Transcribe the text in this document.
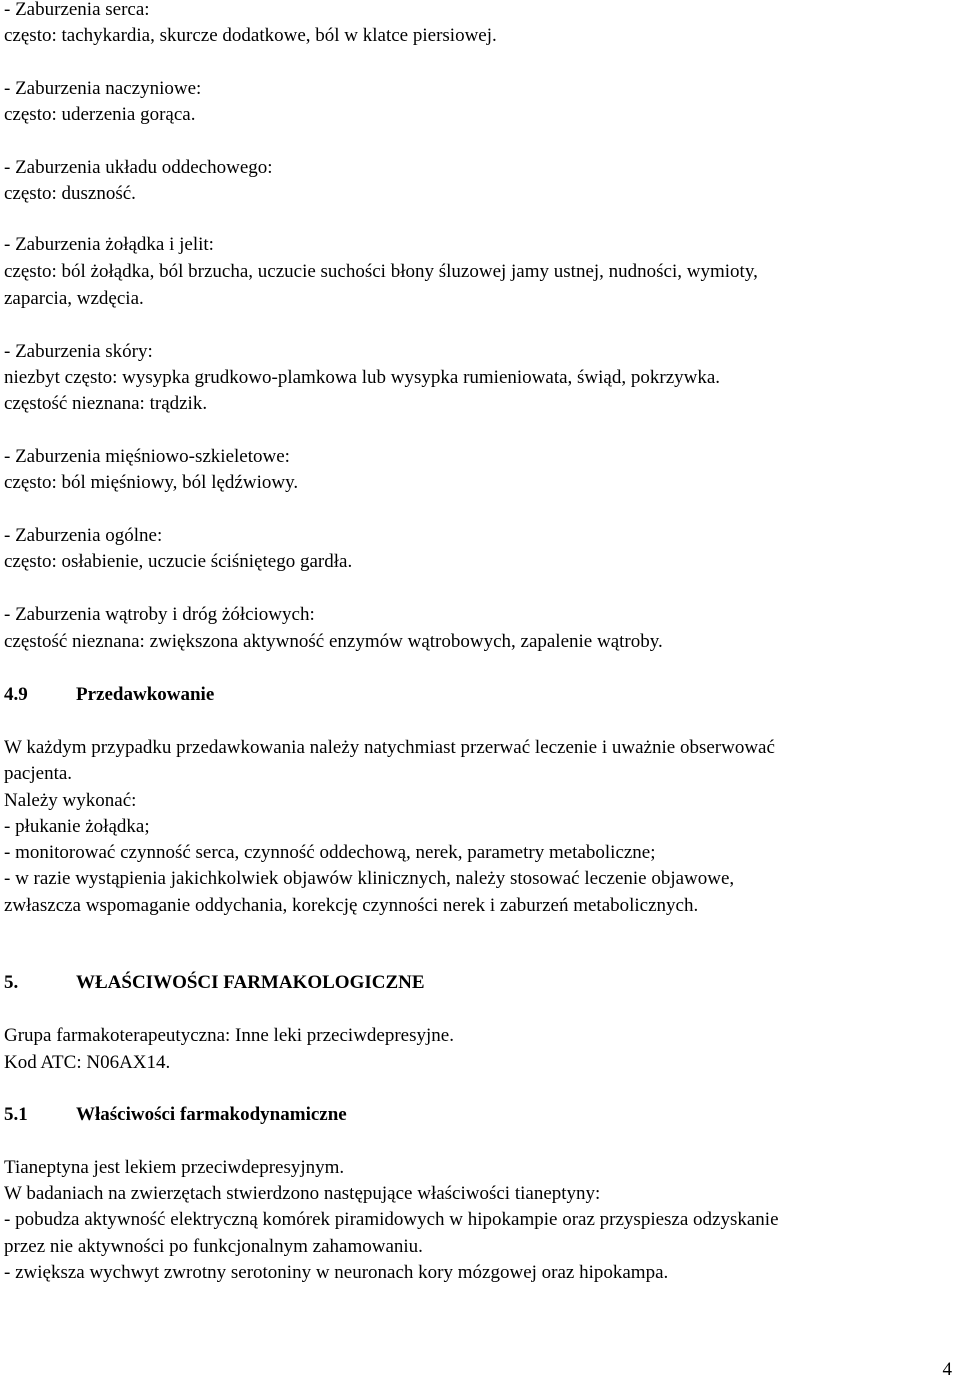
- Zaburzenia serca:
często: tachykardia, skurcze dodatkowe, ból w klatce piersiowej.
- Zaburzenia naczyniowe:
często: uderzenia gorąca.
- Zaburzenia układu oddechowego:
często: duszność.
- Zaburzenia żołądka i jelit:
często: ból żołądka, ból brzucha, uczucie suchości błony śluzowej jamy ustnej, nudności, wymioty,
zaparcia, wzdęcia.
- Zaburzenia skóry:
niezbyt często: wysypka grudkowo-plamkowa lub wysypka rumieniowata, świąd, pokrzywka.
częstość nieznana: trądzik.
- Zaburzenia mięśniowo-szkieletowe:
często: ból mięśniowy, ból lędźwiowy.
- Zaburzenia ogólne:
często: osłabienie, uczucie ściśniętego gardła.
- Zaburzenia wątroby i dróg żółciowych:
częstość nieznana: zwiększona aktywność enzymów wątrobowych, zapalenie wątroby.
4.9	Przedawkowanie
W każdym przypadku przedawkowania należy natychmiast przerwać leczenie i uważnie obserwować
pacjenta.
Należy wykonać:
- płukanie żołądka;
- monitorować czynność serca, czynność oddechową, nerek, parametry metaboliczne;
- w razie wystąpienia jakichkolwiek objawów klinicznych, należy stosować leczenie objawowe,
zwłaszcza wspomaganie oddychania, korekcję czynności nerek i zaburzeń metabolicznych.
5.	WŁAŚCIWOŚCI FARMAKOLOGICZNE
Grupa farmakoterapeutyczna: Inne leki przeciwdepresyjne.
Kod ATC: N06AX14.
5.1	Właściwości farmakodynamiczne
Tianeptyna jest lekiem przeciwdepresyjnym.
W badaniach na zwierzętach stwierdzono następujące właściwości tianeptyny:
- pobudza aktywność elektryczną komórek piramidowych w hipokampie oraz przyspiesza odzyskanie
przez nie aktywności po funkcjonalnym zahamowaniu.
- zwiększa wychwyt zwrotny serotoniny w neuronach kory mózgowej oraz hipokampa.
4
